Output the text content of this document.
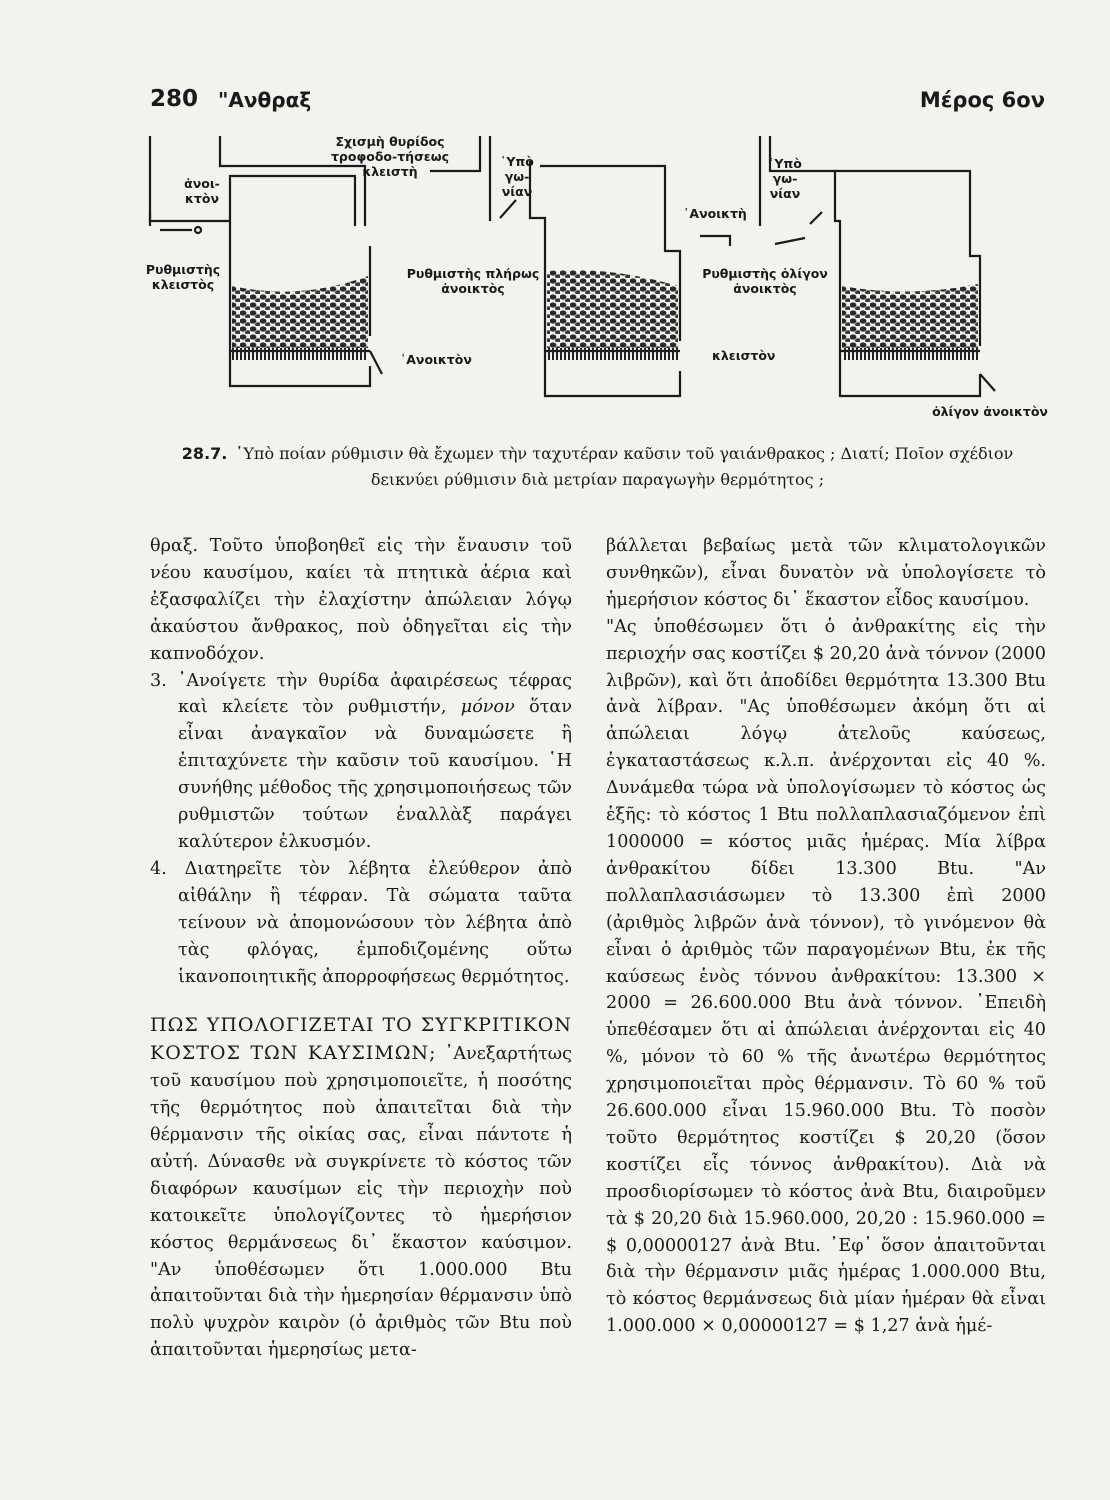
280 "Ανθραξ	Μέρος 6ον
ἀνοι-κτὸν
Σχισμὴ θυρίδος τροφοδο-τήσεως κλειστὴ
῾Υπὸ γω-νίαν
῾Υπὸ γω-νίαν
᾽Ανοικτὴ
Ρυθμιστὴς κλειστὸς
Ρυθμιστὴς πλήρως ἀνοικτὸς
Ρυθμιστὴς ὀλίγον ἀνοικτὸς
᾽Ανοικτὸν	κλειστὸν
ὀλίγον ἀνοικτὸν
28.7. ῾Υπὸ ποίαν ρύθμισιν θὰ ἔχωμεν τὴν ταχυτέραν καῦσιν τοῦ γαιάνθρακος ; Διατί; Ποῖον σχέδιον δεικνύει ρύθμισιν διὰ μετρίαν παραγωγὴν θερμότητος ;

θραξ. Τοῦτο ὑποβοηθεῖ εἰς τὴν ἔναυσιν τοῦ νέου καυσίμου, καίει τὰ πτητικὰ ἀέρια καὶ ἐξασφαλίζει τὴν ἐλαχίστην ἀπώλειαν λόγῳ ἀκαύστου ἄνθρακος, ποὺ ὁδηγεῖται εἰς τὴν καπνοδόχον.

3. ᾽Ανοίγετε τὴν θυρίδα ἀφαιρέσεως τέφρας καὶ κλείετε τὸν ρυθμιστήν, μόνον ὅταν εἶναι ἀναγκαῖον νὰ δυναμώσετε ἢ ἐπιταχύνετε τὴν καῦσιν τοῦ καυσίμου. ῾Η συνήθης μέθοδος τῆς χρησιμοποιήσεως τῶν ρυθμιστῶν τούτων ἐναλλὰξ παράγει καλύτερον ἑλκυσμόν.

4. Διατηρεῖτε τὸν λέβητα ἐλεύθερον ἀπὸ αἰθάλην ἢ τέφραν. Τὰ σώματα ταῦτα τείνουν νὰ ἀπομονώσουν τὸν λέβητα ἀπὸ τὰς φλόγας, ἐμποδιζομένης οὕτω ἱκανοποιητικῆς ἀπορροφήσεως θερμότητος.

ΠΩΣ ΥΠΟΛΟΓΙΖΕΤΑΙ ΤΟ ΣΥΓΚΡΙΤΙΚΟΝ ΚΟΣΤΟΣ ΤΩΝ ΚΑΥΣΙΜΩΝ; ᾽Ανεξαρτήτως τοῦ καυσίμου ποὺ χρησιμοποιεῖτε, ἡ ποσότης τῆς θερμότητος ποὺ ἀπαιτεῖται διὰ τὴν θέρμανσιν τῆς οἰκίας σας, εἶναι πάντοτε ἡ αὐτή. Δύνασθε νὰ συγκρίνετε τὸ κόστος τῶν διαφόρων καυσίμων εἰς τὴν περιοχὴν ποὺ κατοικεῖτε ὑπολογίζοντες τὸ ἡμερήσιον κόστος θερμάνσεως δι᾽ ἕκαστον καύσιμον. "Αν ὑποθέσωμεν ὅτι 1.000.000 Btu ἀπαιτοῦνται διὰ τὴν ἡμερησίαν θέρμανσιν ὑπὸ πολὺ ψυχρὸν καιρὸν (ὁ ἀριθμὸς τῶν Btu ποὺ ἀπαιτοῦνται ἡμερησίως μετα-

βάλλεται βεβαίως μετὰ τῶν κλιματολογικῶν συνθηκῶν), εἶναι δυνατὸν νὰ ὑπολογίσετε τὸ ἡμερήσιον κόστος δι᾽ ἕκαστον εἶδος καυσίμου.

"Ας ὑποθέσωμεν ὅτι ὁ ἀνθρακίτης εἰς τὴν περιοχήν σας κοστίζει $ 20,20 ἀνὰ τόννον (2000 λιβρῶν), καὶ ὅτι ἀποδίδει θερμότητα 13.300 Btu ἀνὰ λίβραν. "Ας ὑποθέσωμεν ἀκόμη ὅτι αἱ ἀπώλειαι λόγῳ ἀτελοῦς καύσεως, ἐγκαταστάσεως κ.λ.π. ἀνέρχονται εἰς 40 %. Δυνάμεθα τώρα νὰ ὑπολογίσωμεν τὸ κόστος ὡς ἑξῆς: τὸ κόστος 1 Btu πολλαπλασιαζόμενον ἐπὶ 1000000 = κόστος μιᾶς ἡμέρας. Μία λίβρα ἀνθρακίτου δίδει 13.300 Btu. "Αν πολλαπλασιάσωμεν τὸ 13.300 ἐπὶ 2000 (ἀριθμὸς λιβρῶν ἀνὰ τόννον), τὸ γινόμενον θὰ εἶναι ὁ ἀριθμὸς τῶν παραγομένων Btu, ἐκ τῆς καύσεως ἑνὸς τόννου ἀνθρακίτου: 13.300 × 2000 = 26.600.000 Btu ἀνὰ τόννον. ᾽Επειδὴ ὑπεθέσαμεν ὅτι αἱ ἀπώλειαι ἀνέρχονται εἰς 40 %, μόνον τὸ 60 % τῆς ἀνωτέρω θερμότητος χρησιμοποιεῖται πρὸς θέρμανσιν. Τὸ 60 % τοῦ 26.600.000 εἶναι 15.960.000 Btu. Τὸ ποσὸν τοῦτο θερμότητος κοστίζει $ 20,20 (ὅσον κοστίζει εἷς τόννος ἀνθρακίτου). Διὰ νὰ προσδιορίσωμεν τὸ κόστος ἀνὰ Btu, διαιροῦμεν τὰ $ 20,20 διὰ 15.960.000, 20,20 : 15.960.000 = $ 0,00000127 ἀνὰ Btu. ᾽Εφ᾽ ὅσον ἀπαιτοῦνται διὰ τὴν θέρμανσιν μιᾶς ἡμέρας 1.000.000 Btu, τὸ κόστος θερμάνσεως διὰ μίαν ἡμέραν θὰ εἶναι 1.000.000 × 0,00000127 = $ 1,27 ἀνὰ ἡμέ-
